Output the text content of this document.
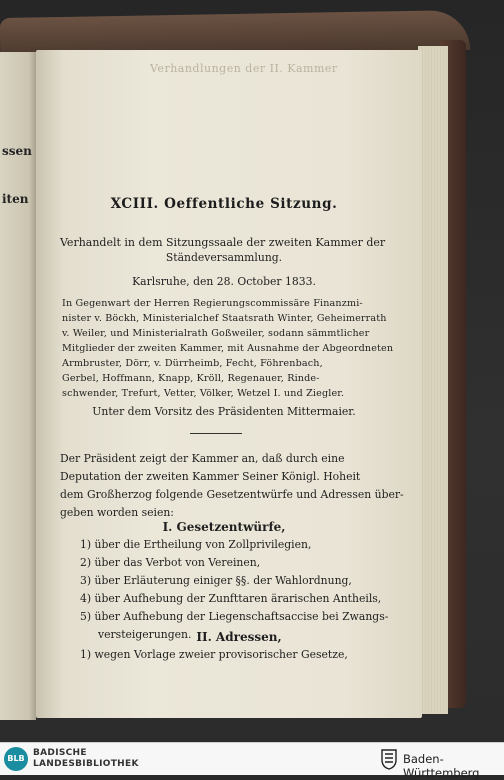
ssen
iten
Verhandlungen der II. Kammer
XCIII. Oeffentliche Sitzung.
Verhandelt in dem Sitzungssaale der zweiten Kammer der
Ständeversammlung.
Karlsruhe, den 28. October 1833.
In Gegenwart der Herren Regierungscommissäre Finanzmi-
nister v. Böckh, Ministerialchef Staatsrath Winter, Geheimerrath
v. Weiler, und Ministerialrath Goßweiler, sodann sämmtlicher
Mitglieder der zweiten Kammer, mit Ausnahme der Abgeordneten
Armbruster, Dörr, v. Dürrheimb, Fecht, Föhrenbach,
Gerbel, Hoffmann, Knapp, Kröll, Regenauer, Rinde-
schwender, Trefurt, Vetter, Völker, Wetzel I. und Ziegler.
Unter dem Vorsitz des Präsidenten Mittermaier.
Der Präsident zeigt der Kammer an, daß durch eine
Deputation der zweiten Kammer Seiner Königl. Hoheit
dem Großherzog folgende Gesetzentwürfe und Adressen über-
geben worden seien:
I. Gesetzentwürfe,
1) über die Ertheilung von Zollprivilegien,
2) über das Verbot von Vereinen,
3) über Erläuterung einiger §§. der Wahlordnung,
4) über Aufhebung der Zunfttaren ärarischen Antheils,
5) über Aufhebung der Liegenschaftsaccise bei Zwangs-
versteigerungen. II. Adressen,
1) wegen Vorlage zweier provisorischer Gesetze,
BLB
BADISCHE
LANDESBIBLIOTHEK	Baden-Württemberg
